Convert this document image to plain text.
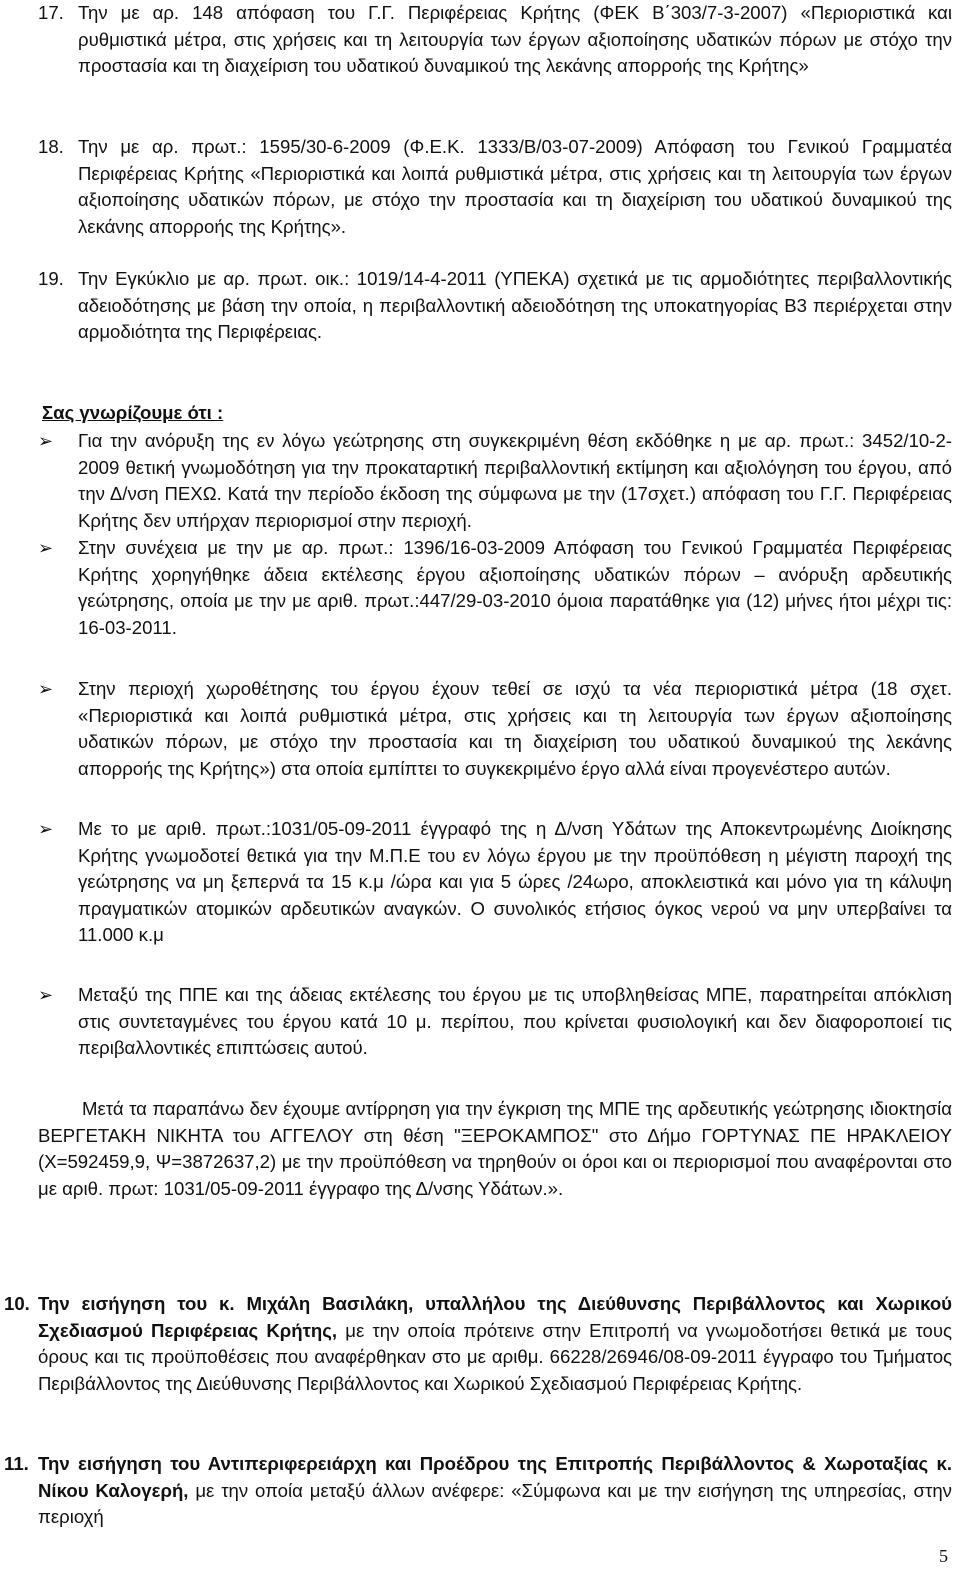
17. Την με αρ. 148 απόφαση του Γ.Γ. Περιφέρειας Κρήτης (ΦΕΚ Β΄303/7-3-2007) «Περιοριστικά και ρυθμιστικά μέτρα, στις χρήσεις και τη λειτουργία των έργων αξιοποίησης υδατικών πόρων με στόχο την προστασία και τη διαχείριση του υδατικού δυναμικού της λεκάνης απορροής της Κρήτης»
18. Την με αρ. πρωτ.: 1595/30-6-2009 (Φ.Ε.Κ. 1333/Β/03-07-2009) Απόφαση του Γενικού Γραμματέα Περιφέρειας Κρήτης «Περιοριστικά και λοιπά ρυθμιστικά μέτρα, στις χρήσεις και τη λειτουργία των έργων αξιοποίησης υδατικών πόρων, με στόχο την προστασία και τη διαχείριση του υδατικού δυναμικού της λεκάνης απορροής της Κρήτης».
19. Την Εγκύκλιο με αρ. πρωτ. οικ.: 1019/14-4-2011 (ΥΠΕΚΑ) σχετικά με τις αρμοδιότητες περιβαλλοντικής αδειοδότησης με βάση την οποία, η περιβαλλοντική αδειοδότηση της υποκατηγορίας Β3 περιέρχεται στην αρμοδιότητα της Περιφέρειας.
Σας γνωρίζουμε ότι :
➢ Για την ανόρυξη της εν λόγω γεώτρησης στη συγκεκριμένη θέση εκδόθηκε η με αρ. πρωτ.: 3452/10-2-2009 θετική γνωμοδότηση για την προκαταρτική περιβαλλοντική εκτίμηση και αξιολόγηση του έργου, από την Δ/νση ΠΕΧΩ. Κατά την περίοδο έκδοση της σύμφωνα με την (17σχετ.) απόφαση του Γ.Γ. Περιφέρειας Κρήτης δεν υπήρχαν περιορισμοί στην περιοχή.
➢ Στην συνέχεια με την με αρ. πρωτ.: 1396/16-03-2009 Απόφαση του Γενικού Γραμματέα Περιφέρειας Κρήτης χορηγήθηκε άδεια εκτέλεσης έργου αξιοποίησης υδατικών πόρων – ανόρυξη αρδευτικής γεώτρησης, οποία με την με αριθ. πρωτ.:447/29-03-2010 όμοια παρατάθηκε για (12) μήνες ήτοι μέχρι τις: 16-03-2011.
➢ Στην περιοχή χωροθέτησης του έργου έχουν τεθεί σε ισχύ τα νέα περιοριστικά μέτρα (18 σχετ. «Περιοριστικά και λοιπά ρυθμιστικά μέτρα, στις χρήσεις και τη λειτουργία των έργων αξιοποίησης υδατικών πόρων, με στόχο την προστασία και τη διαχείριση του υδατικού δυναμικού της λεκάνης απορροής της Κρήτης») στα οποία εμπίπτει το συγκεκριμένο έργο αλλά είναι προγενέστερο αυτών.
➢ Με το με αριθ. πρωτ.:1031/05-09-2011 έγγραφό της η Δ/νση Υδάτων της Αποκεντρωμένης Διοίκησης Κρήτης γνωμοδοτεί θετικά για την Μ.Π.Ε του εν λόγω έργου με την προϋπόθεση η μέγιστη παροχή της γεώτρησης να μη ξεπερνά τα 15 κ.μ /ώρα και για 5 ώρες /24ωρο, αποκλειστικά και μόνο για τη κάλυψη πραγματικών ατομικών αρδευτικών αναγκών. Ο συνολικός ετήσιος όγκος νερού να μην υπερβαίνει τα 11.000 κ.μ
➢ Μεταξύ της ΠΠΕ και της άδειας εκτέλεσης του έργου με τις υποβληθείσας ΜΠΕ, παρατηρείται απόκλιση στις συντεταγμένες του έργου κατά 10 μ. περίπου, που κρίνεται φυσιολογική και δεν διαφοροποιεί τις περιβαλλοντικές επιπτώσεις αυτού.
Μετά τα παραπάνω δεν έχουμε αντίρρηση για την έγκριση της ΜΠΕ της αρδευτικής γεώτρησης ιδιοκτησία ΒΕΡΓΕΤΑΚΗ ΝΙΚΗΤΑ του ΑΓΓΕΛΟΥ στη θέση "ΞΕΡΟΚΑΜΠΟΣ" στο Δήμο ΓΟΡΤΥΝΑΣ ΠΕ ΗΡΑΚΛΕΙΟΥ (Χ=592459,9, Ψ=3872637,2) με την προϋπόθεση να τηρηθούν οι όροι και οι περιορισμοί που αναφέρονται στο με αριθ. πρωτ: 1031/05-09-2011 έγγραφο της Δ/νσης Υδάτων.».
10. Την εισήγηση του κ. Μιχάλη Βασιλάκη, υπαλλήλου της Διεύθυνσης Περιβάλλοντος και Χωρικού Σχεδιασμού Περιφέρειας Κρήτης, με την οποία πρότεινε στην Επιτροπή να γνωμοδοτήσει θετικά με τους όρους και τις προϋποθέσεις που αναφέρθηκαν στο με αριθμ. 66228/26946/08-09-2011 έγγραφο του Τμήματος Περιβάλλοντος της Διεύθυνσης Περιβάλλοντος και Χωρικού Σχεδιασμού Περιφέρειας Κρήτης.
11. Την εισήγηση του Αντιπεριφερειάρχη και Προέδρου της Επιτροπής Περιβάλλοντος & Χωροταξίας κ. Νίκου Καλογερή, με την οποία μεταξύ άλλων ανέφερε: «Σύμφωνα και με την εισήγηση της υπηρεσίας, στην περιοχή
5
